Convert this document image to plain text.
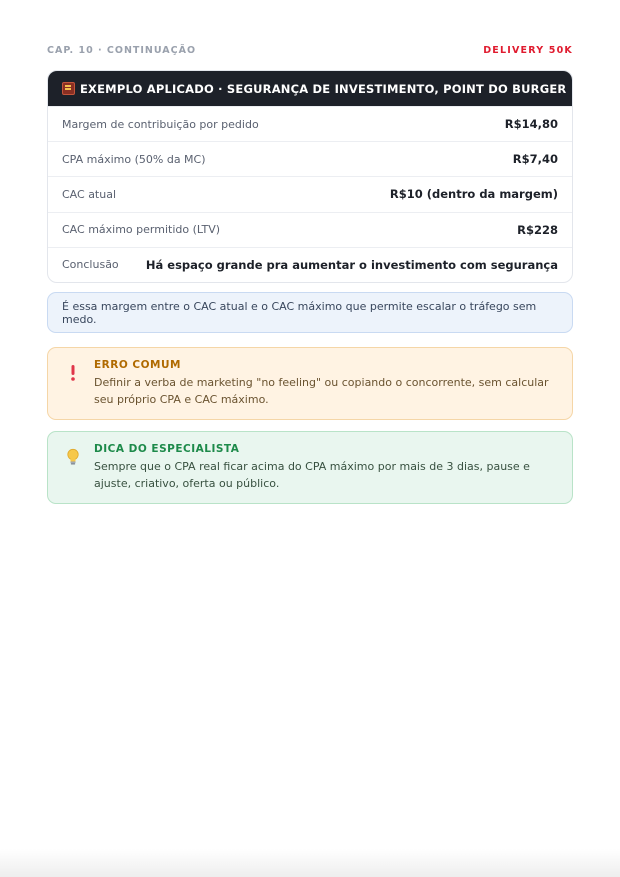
CAP. 10 · CONTINUAÇÃO	DELIVERY 50K
EXEMPLO APLICADO · SEGURANÇA DE INVESTIMENTO, POINT DO BURGER
Margem de contribuição por pedido	R$14,80
CPA máximo (50% da MC)	R$7,40
CAC atual	R$10 (dentro da margem)
CAC máximo permitido (LTV)	R$228
Conclusão Há espaço grande pra aumentar o investimento com segurança
É essa margem entre o CAC atual e o CAC máximo que permite escalar o tráfego sem medo.
ERRO COMUM
Definir a verba de marketing "no feeling" ou copiando o concorrente, sem calcular seu próprio CPA e CAC máximo.
DICA DO ESPECIALISTA
Sempre que o CPA real ficar acima do CPA máximo por mais de 3 dias, pause e ajuste, criativo, oferta ou público.
